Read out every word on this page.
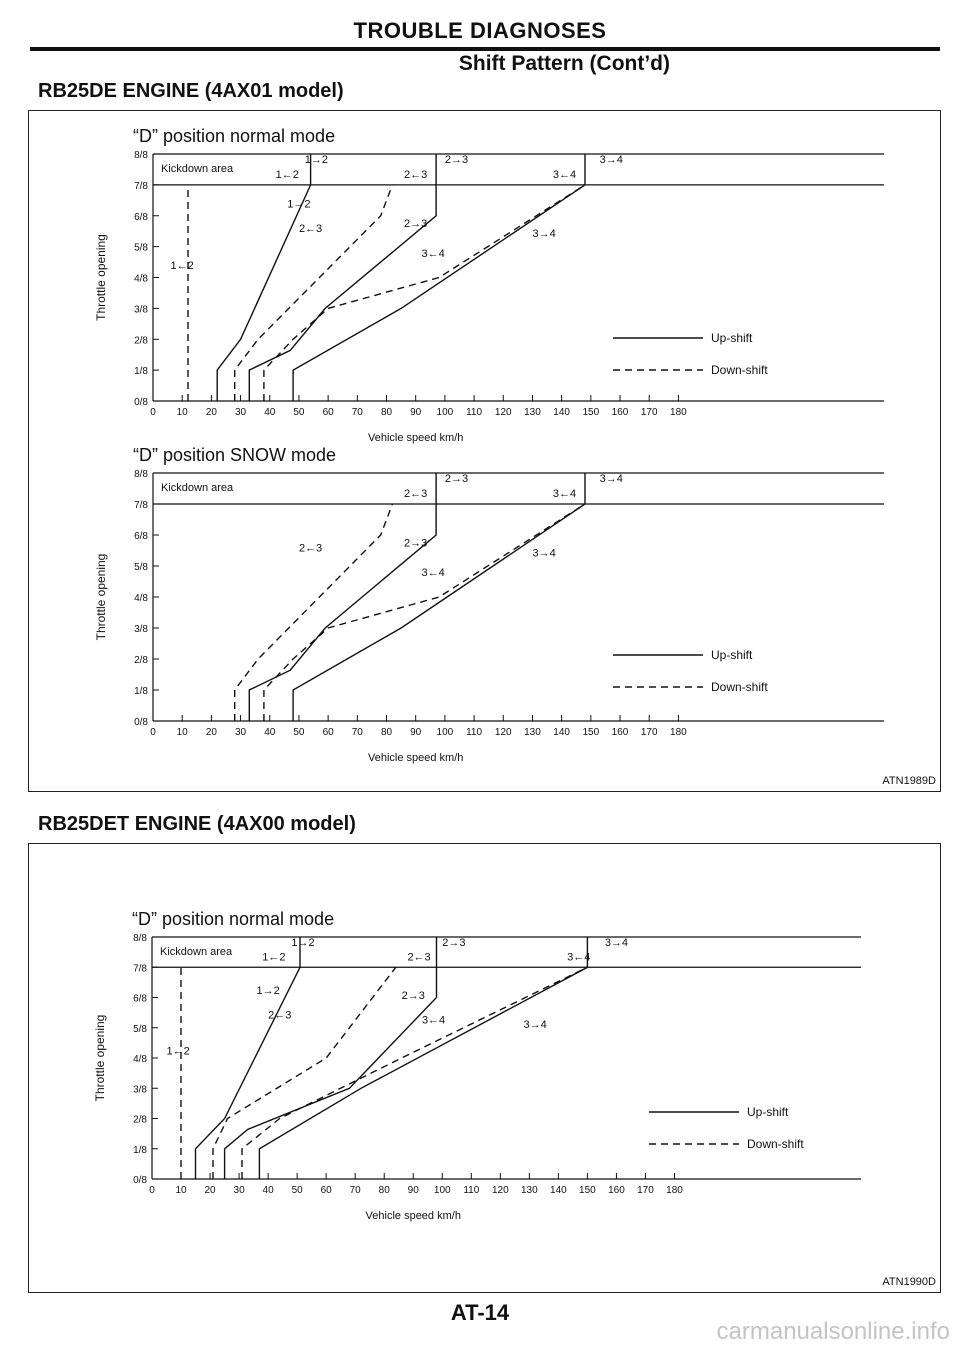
TROUBLE DIAGNOSES
Shift Pattern (Cont’d)
RB25DE ENGINE (4AX01 model)
“D” position normal mode
Kickdown area
0/8
1/8
2/8
3/8
4/8
5/8
6/8
7/8
8/8
0 10 20 30 40 50 60 70 80 90 100 110 120 130 140 150 160 170 180
Vehicle speed km/h
Throttle opening
1→2
1←2
2→3
2←3
3→4
3←4
1→2
2←3	2→3
3←4
3→4
1←2
Up-shift
Down-shift
“D” position SNOW mode
Kickdown area
0/8
1/8
2/8
3/8
4/8
5/8
6/8
7/8
8/8
0 10 20 30 40 50 60 70 80 90 100 110 120 130 140 150 160 170 180
Vehicle speed km/h
Throttle opening
2→3
2←3
3→4
3←4
2←3	2→3
3←4
3→4
Up-shift
Down-shift
ATN1989D
RB25DET ENGINE (4AX00 model)
“D” position normal mode
Kickdown area
0/8
1/8
2/8
3/8
4/8
5/8
6/8
7/8
8/8
0 10 20 30 40 50 60 70 80 90 100 110 120 130 140 150 160 170 180
Vehicle speed km/h
Throttle opening
1→2
1←2
2→3
2←3
3→4
3←4
1→2
2←3
2→3
3←4	3→4
1←2
Up-shift
Down-shift
ATN1990D
AT-14
carmanualsonline.info
